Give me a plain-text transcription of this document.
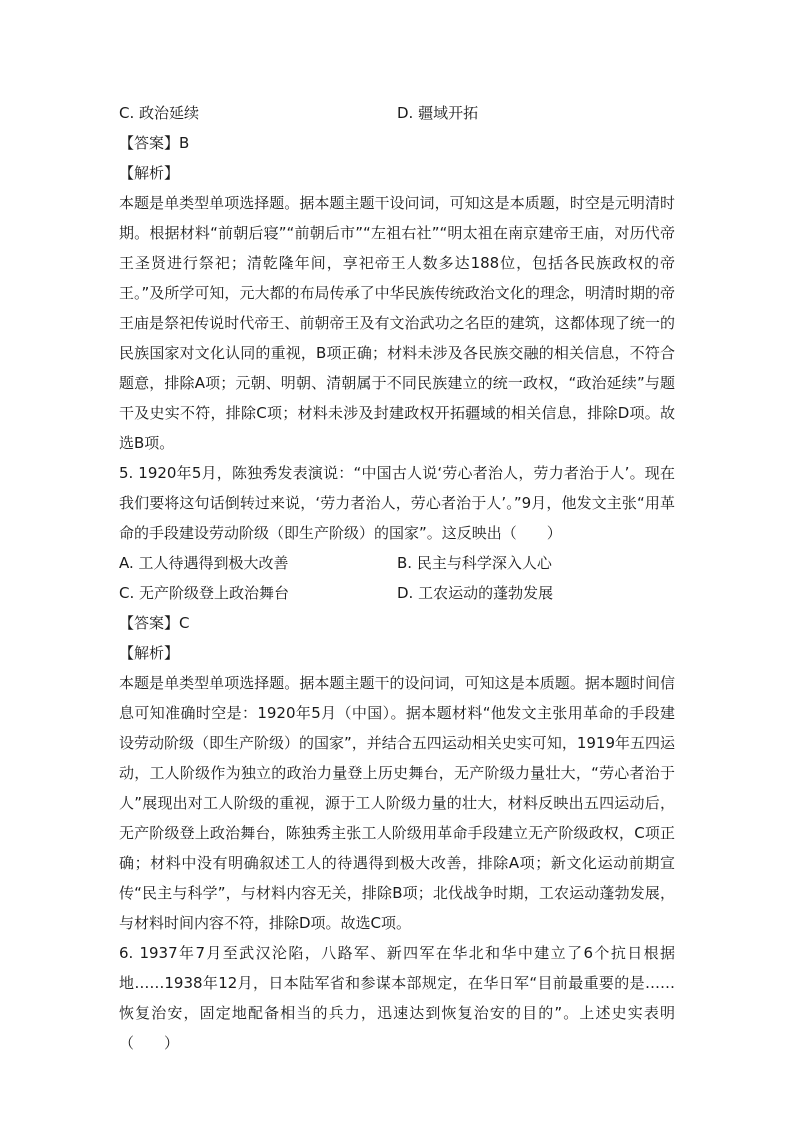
C. 政治延续	D. 疆域开拓
【答案】B
【解析】

本题是单类型单项选择题。据本题主题干设问词，可知这是本质题，时空是元明清时期。根据材料“前朝后寝”“前朝后市”“左祖右社”“明太祖在南京建帝王庙，对历代帝王圣贤进行祭祀；清乾隆年间，享祀帝王人数多达188位，包括各民族政权的帝王。”及所学可知，元大都的布局传承了中华民族传统政治文化的理念，明清时期的帝王庙是祭祀传说时代帝王、前朝帝王及有文治武功之名臣的建筑，这都体现了统一的民族国家对文化认同的重视，B项正确；材料未涉及各民族交融的相关信息，不符合题意，排除A项；元朝、明朝、清朝属于不同民族建立的统一政权，“政治延续”与题干及史实不符，排除C项；材料未涉及封建政权开拓疆域的相关信息，排除D项。故选B项。

5. 1920年5月，陈独秀发表演说：“中国古人说‘劳心者治人，劳力者治于人’。现在我们要将这句话倒转过来说，‘劳力者治人，劳心者治于人’。”9月，他发文主张“用革命的手段建设劳动阶级（即生产阶级）的国家”。这反映出（　　）

A. 工人待遇得到极大改善	B. 民主与科学深入人心
C. 无产阶级登上政治舞台	D. 工农运动的蓬勃发展
【答案】C
【解析】

本题是单类型单项选择题。据本题主题干的设问词，可知这是本质题。据本题时间信息可知准确时空是：1920年5月（中国）。据本题材料“他发文主张用革命的手段建设劳动阶级（即生产阶级）的国家”，并结合五四运动相关史实可知，1919年五四运动，工人阶级作为独立的政治力量登上历史舞台，无产阶级力量壮大，“劳心者治于人”展现出对工人阶级的重视，源于工人阶级力量的壮大，材料反映出五四运动后，无产阶级登上政治舞台，陈独秀主张工人阶级用革命手段建立无产阶级政权，C项正确；材料中没有明确叙述工人的待遇得到极大改善，排除A项；新文化运动前期宣传“民主与科学”，与材料内容无关，排除B项；北伐战争时期，工农运动蓬勃发展，与材料时间内容不符，排除D项。故选C项。

6. 1937年7月至武汉沦陷，八路军、新四军在华北和华中建立了6个抗日根据地……1938年12月，日本陆军省和参谋本部规定，在华日军“目前最重要的是……恢复治安，固定地配备相当的兵力，迅速达到恢复治安的目的”。上述史实表明（　　）
